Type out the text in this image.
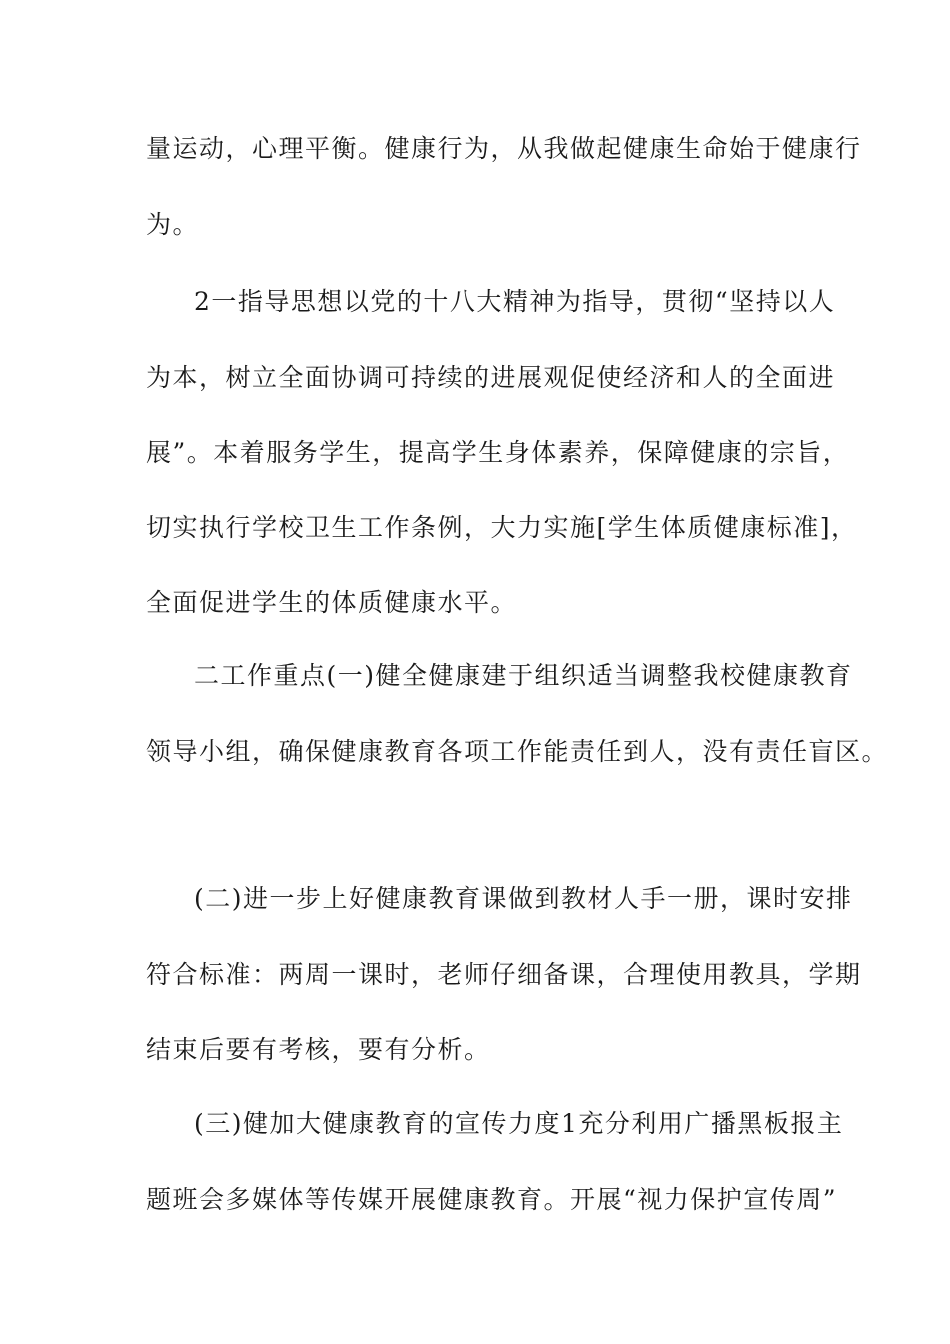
量运动，心理平衡。健康行为，从我做起健康生命始于健康行
为。
2一指导思想以党的十八大精神为指导，贯彻“坚持以人
为本，树立全面协调可持续的进展观促使经济和人的全面进
展”。本着服务学生，提高学生身体素养，保障健康的宗旨，
切实执行学校卫生工作条例，大力实施[学生体质健康标准]，
全面促进学生的体质健康水平。
二工作重点(一)健全健康建于组织适当调整我校健康教育
领导小组，确保健康教育各项工作能责任到人，没有责任盲区。
(二)进一步上好健康教育课做到教材人手一册，课时安排
符合标准：两周一课时，老师仔细备课，合理使用教具，学期
结束后要有考核，要有分析。
(三)健加大健康教育的宣传力度1充分利用广播黑板报主
题班会多媒体等传媒开展健康教育。开展“视力保护宣传周”
